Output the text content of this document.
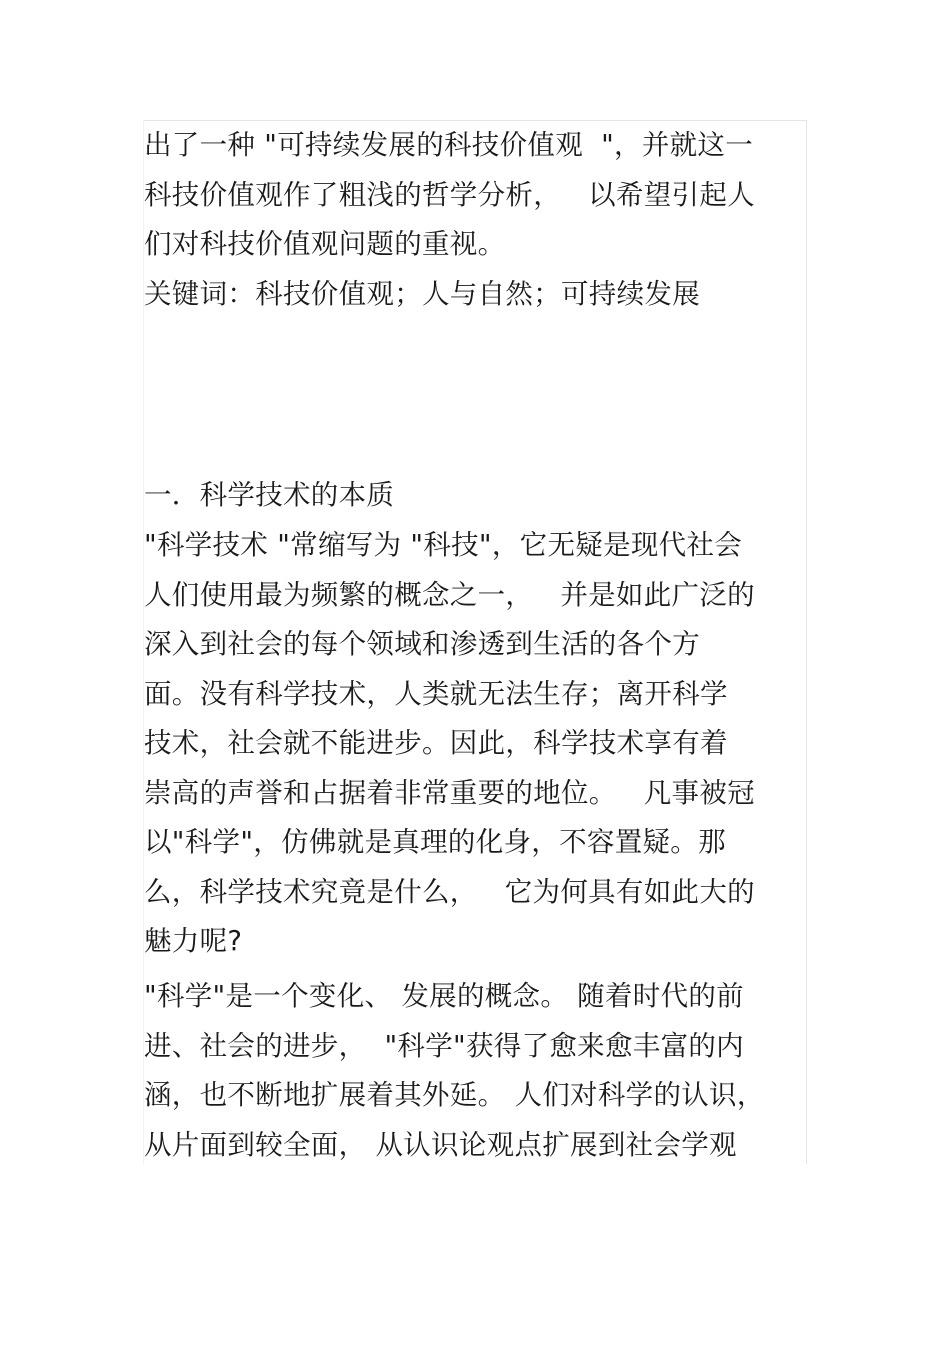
出了一种 "可持续发展的科技价值观  "，并就这一
科技价值观作了粗浅的哲学分析，   以希望引起人
们对科技价值观问题的重视。
关键词：科技价值观；人与自然；可持续发展
一．科学技术的本质
"科学技术 "常缩写为 "科技"，它无疑是现代社会
人们使用最为频繁的概念之一，   并是如此广泛的
深入到社会的每个领域和渗透到生活的各个方
面。没有科学技术，人类就无法生存；离开科学
技术，社会就不能进步。因此，科学技术享有着
崇高的声誉和占据着非常重要的地位。   凡事被冠
以"科学"，仿佛就是真理的化身，不容置疑。那
么，科学技术究竟是什么，   它为何具有如此大的
魅力呢?
"科学"是一个变化、 发展的概念。 随着时代的前
进、社会的进步，  "科学"获得了愈来愈丰富的内
涵，也不断地扩展着其外延。 人们对科学的认识，
从片面到较全面， 从认识论观点扩展到社会学观
